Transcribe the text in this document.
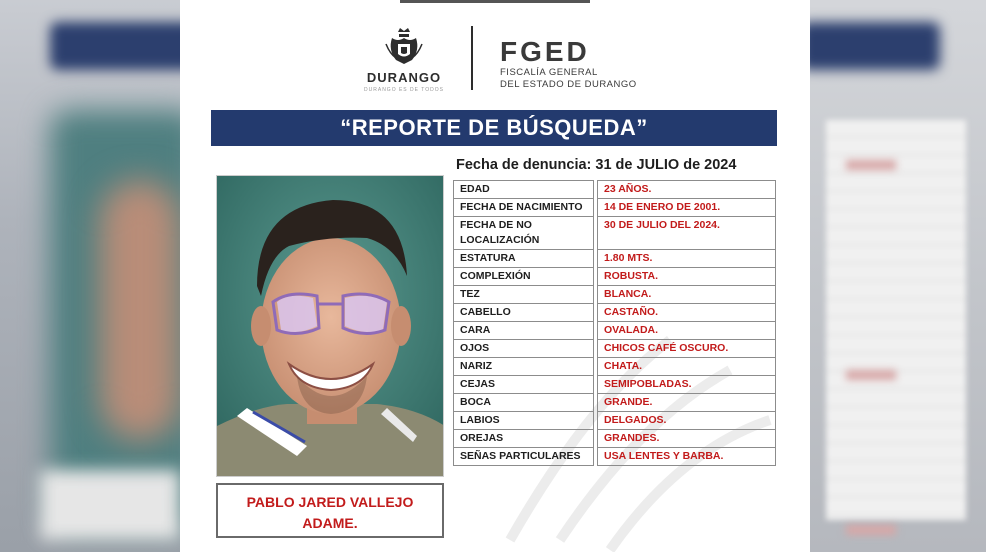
DURANGO
DURANGO ES DE TODOS
FGED
FISCALÍA GENERAL
DEL ESTADO DE DURANGO
“REPORTE DE BÚSQUEDA”
Fecha de denuncia: 31 de JULIO de 2024
PABLO JARED VALLEJO
ADAME.
EDAD		23 AÑOS.
FECHA DE NACIMIENTO		14 DE ENERO DE 2001.
FECHA DE NO LOCALIZACIÓN		30 DE JULIO DEL 2024.
ESTATURA		1.80 MTS.
COMPLEXIÓN		ROBUSTA.
TEZ		BLANCA.
CABELLO		CASTAÑO.
CARA		OVALADA.
OJOS		CHICOS CAFÉ OSCURO.
NARIZ		CHATA.
CEJAS		SEMIPOBLADAS.
BOCA		GRANDE.
LABIOS		DELGADOS.
OREJAS		GRANDES.
SEÑAS PARTICULARES		USA LENTES Y BARBA.
